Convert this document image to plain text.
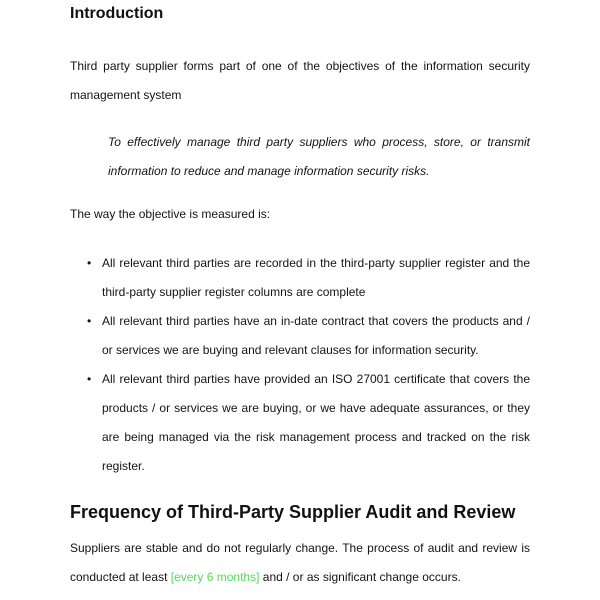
Introduction

Third party supplier forms part of one of the objectives of the information security management system

To effectively manage third party suppliers who process, store, or transmit information to reduce and manage information security risks.

The way the objective is measured is:

• All relevant third parties are recorded in the third-party supplier register and the third-party supplier register columns are complete
• All relevant third parties have an in-date contract that covers the products and / or services we are buying and relevant clauses for information security.
• All relevant third parties have provided an ISO 27001 certificate that covers the products / or services we are buying, or we have adequate assurances, or they are being managed via the risk management process and tracked on the risk register.
Frequency of Third-Party Supplier Audit and Review

Suppliers are stable and do not regularly change. The process of audit and review is conducted at least [every 6 months] and / or as significant change occurs.
